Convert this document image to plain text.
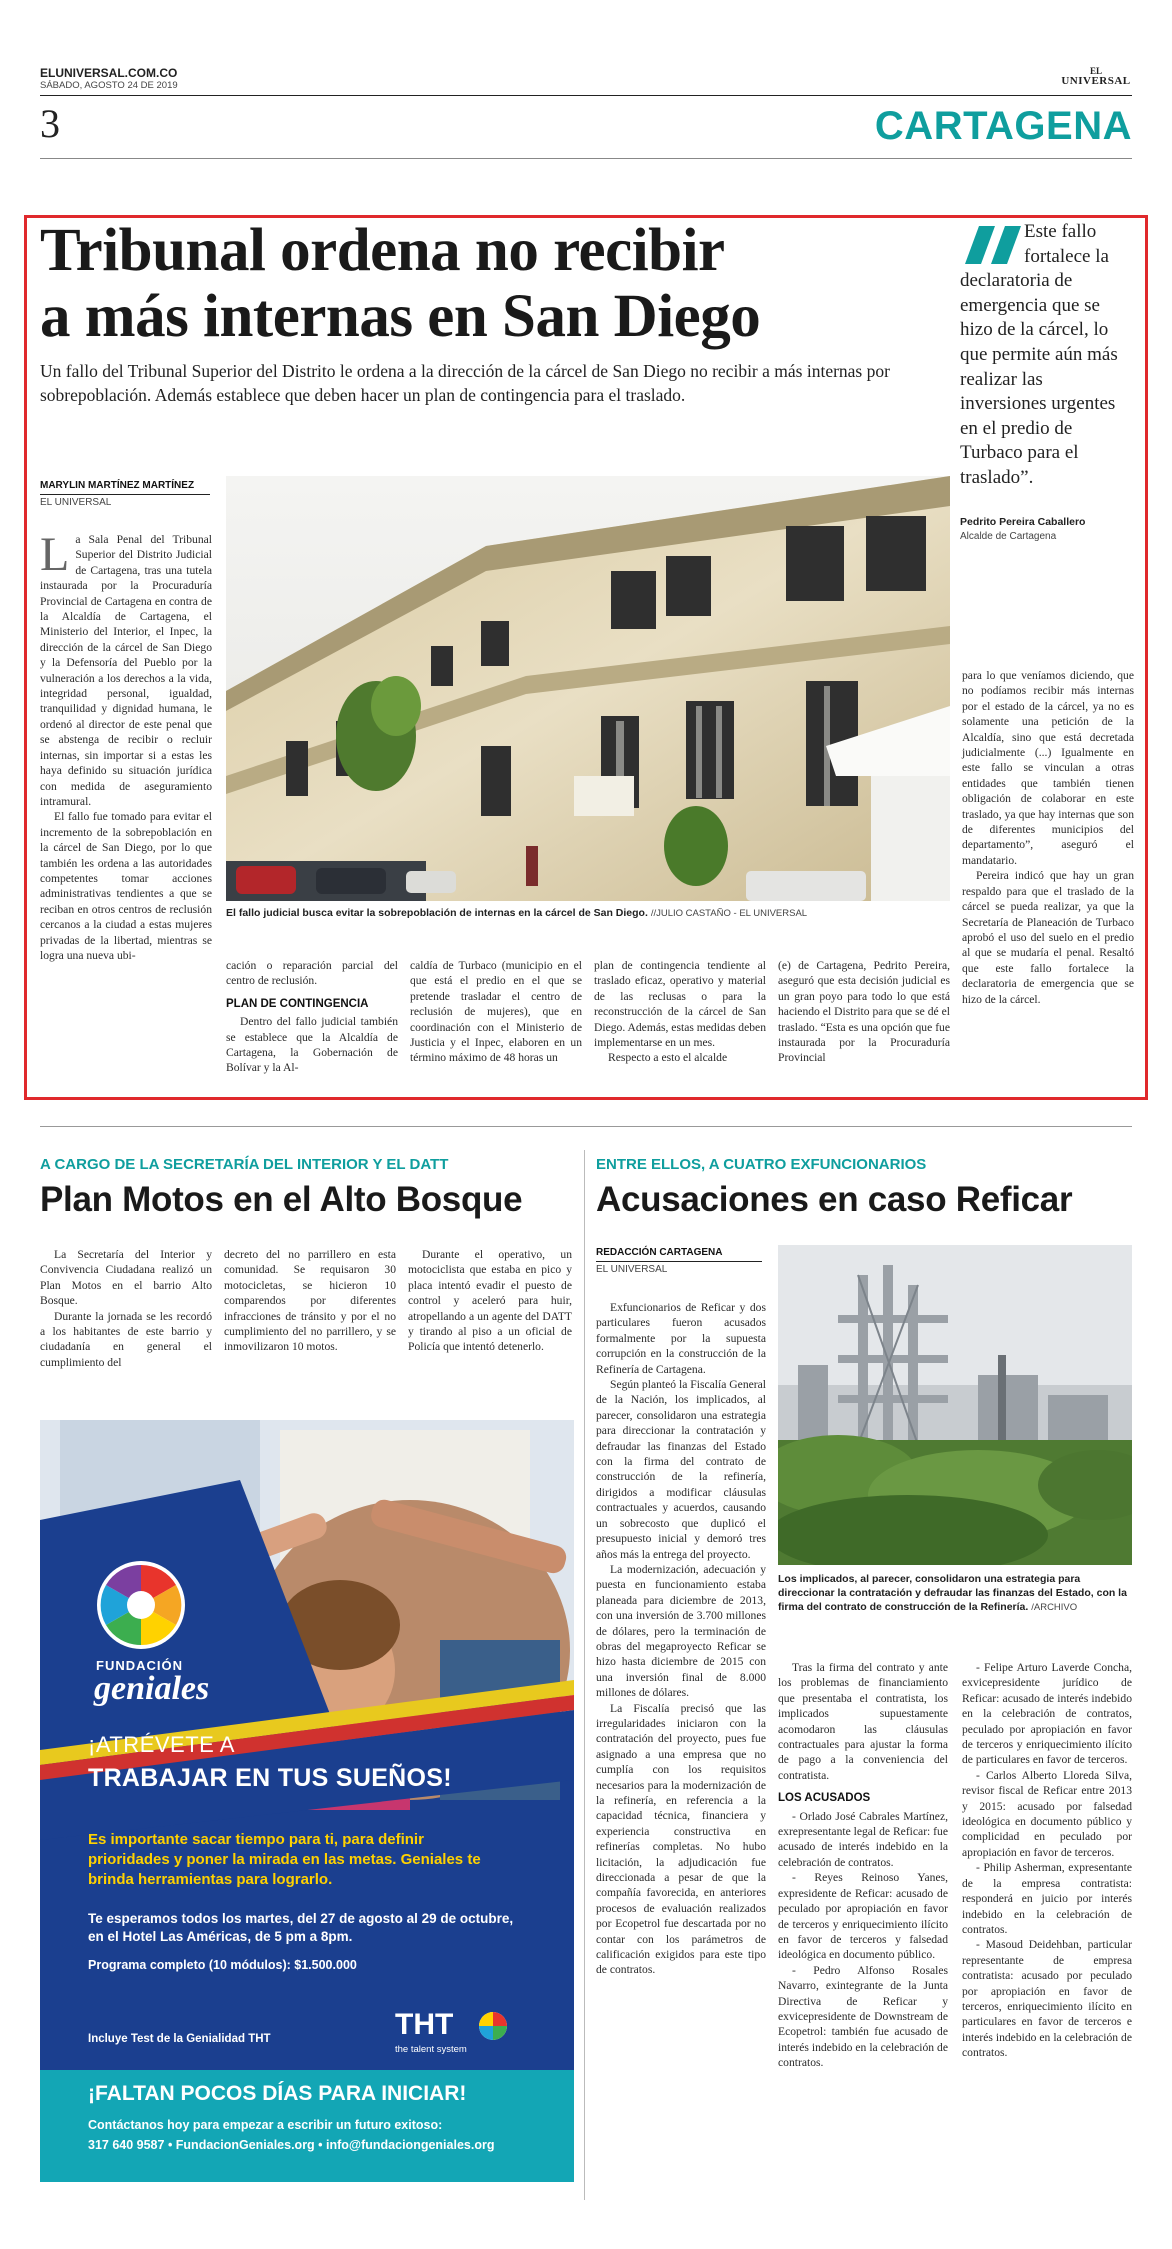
ELUNIVERSAL.COM.CO
SÁBADO, AGOSTO 24 DE 2019
EL
UNIVERSAL
3	CARTAGENA
Tribunal ordena no recibir
a más internas en San Diego
Un fallo del Tribunal Superior del Distrito le ordena a la dirección de la cárcel de San Diego no recibir a más internas por sobrepoblación. Además establece que deben hacer un plan de contingencia para el traslado.
Este fallo fortalece la declaratoria de emergencia que se hizo de la cárcel, lo que permite aún más realizar las inversiones urgentes en el predio de Turbaco para el traslado”.
Pedrito Pereira Caballero
Alcalde de Cartagena
MARYLIN MARTÍNEZ MARTÍNEZ
EL UNIVERSAL
El fallo judicial busca evitar la sobrepoblación de internas en la cárcel de San Diego. //JULIO CASTAÑO - EL UNIVERSAL

La Sala Penal del Tribunal Superior del Distrito Judicial de Cartagena, tras una tutela instaurada por la Procuraduría Provincial de Cartagena en contra de la Alcaldía de Cartagena, el Ministerio del Interior, el Inpec, la dirección de la cárcel de San Diego y la Defensoría del Pueblo por la vulneración a los derechos a la vida, integridad personal, igualdad, tranquilidad y dignidad humana, le ordenó al director de este penal que se abstenga de recibir o recluir internas, sin importar si a estas les haya definido su situación jurídica con medida de aseguramiento intramural.

El fallo fue tomado para evitar el incremento de la sobrepoblación en la cárcel de San Diego, por lo que también les ordena a las autoridades competentes tomar acciones administrativas tendientes a que se reciban en otros centros de reclusión cercanos a la ciudad a estas mujeres privadas de la libertad, mientras se logra una nueva ubi-

cación o reparación parcial del centro de reclusión.

PLAN DE CONTINGENCIA

Dentro del fallo judicial también se establece que la Alcaldía de Cartagena, la Gobernación de Bolívar y la Al-

caldía de Turbaco (municipio en el que está el predio en el que se pretende trasladar el centro de reclusión de mujeres), que en coordinación con el Ministerio de Justicia y el Inpec, elaboren en un término máximo de 48 horas un

plan de contingencia tendiente al traslado eficaz, operativo y material de las reclusas o para la reconstrucción de la cárcel de San Diego. Además, estas medidas deben implementarse en un mes.

Respecto a esto el alcalde

(e) de Cartagena, Pedrito Pereira, aseguró que esta decisión judicial es un gran poyo para todo lo que está haciendo el Distrito para que se dé el traslado. “Esta es una opción que fue instaurada por la Procuraduría Provincial

para lo que veníamos diciendo, que no podíamos recibir más internas por el estado de la cárcel, ya no es solamente una petición de la Alcaldía, sino que está decretada judicialmente (...) Igualmente en este fallo se vinculan a otras entidades que también tienen obligación de colaborar en este traslado, ya que hay internas que son de diferentes municipios del departamento”, aseguró el mandatario.

Pereira indicó que hay un gran respaldo para que el traslado de la cárcel se pueda realizar, ya que la Secretaría de Planeación de Turbaco aprobó el uso del suelo en el predio al que se mudaría el penal. Resaltó que este fallo fortalece la declaratoria de emergencia que se hizo de la cárcel.

A CARGO DE LA SECRETARÍA DEL INTERIOR Y EL DATT
Plan Motos en el Alto Bosque

La Secretaría del Interior y Convivencia Ciudadana realizó un Plan Motos en el barrio Alto Bosque.

Durante la jornada se les recordó a los habitantes de este barrio y ciudadanía en general el cumplimiento del

decreto del no parrillero en esta comunidad. Se requisaron 30 motocicletas, se hicieron 10 comparendos por diferentes infracciones de tránsito y por el no cumplimiento del no parrillero, y se inmovilizaron 10 motos.

Durante el operativo, un motociclista que estaba en pico y placa intentó evadir el puesto de control y aceleró para huir, atropellando a un agente del DATT y tirando al piso a un oficial de Policía que intentó detenerlo.

FUNDACIÓN
geniales
¡ATRÉVETE A
TRABAJAR EN TUS SUEÑOS!
Es importante sacar tiempo para ti, para definir prioridades y poner la mirada en las metas. Geniales te brinda herramientas para lograrlo.
Te esperamos todos los martes, del 27 de agosto al 29 de octubre, en el Hotel Las Américas, de 5 pm a 8pm.
Programa completo (10 módulos): $1.500.000
THT
the talent system
Incluye Test de la Genialidad THT
¡FALTAN POCOS DÍAS PARA INICIAR!
Contáctanos hoy para empezar a escribir un futuro exitoso:
317 640 9587 • FundacionGeniales.org • info@fundaciongeniales.org
ENTRE ELLOS, A CUATRO EXFUNCIONARIOS
Acusaciones en caso Reficar
REDACCIÓN CARTAGENA
EL UNIVERSAL
Los implicados, al parecer, consolidaron una estrategia para direccionar la contratación y defraudar las finanzas del Estado, con la firma del contrato de construcción de la Refinería. /ARCHIVO

Exfuncionarios de Reficar y dos particulares fueron acusados formalmente por la supuesta corrupción en la construcción de la Refinería de Cartagena.

Según planteó la Fiscalía General de la Nación, los implicados, al parecer, consolidaron una estrategia para direccionar la contratación y defraudar las finanzas del Estado con la firma del contrato de construcción de la refinería, dirigidos a modificar cláusulas contractuales y acuerdos, causando un sobrecosto que duplicó el presupuesto inicial y demoró tres años más la entrega del proyecto.

La modernización, adecuación y puesta en funcionamiento estaba planeada para diciembre de 2013, con una inversión de 3.700 millones de dólares, pero la terminación de obras del megaproyecto Reficar se hizo hasta diciembre de 2015 con una inversión final de 8.000 millones de dólares.

La Fiscalía precisó que las irregularidades iniciaron con la contratación del proyecto, pues fue asignado a una empresa que no cumplía con los requisitos necesarios para la modernización de la refinería, en referencia a la capacidad técnica, financiera y experiencia constructiva en refinerías completas. No hubo licitación, la adjudicación fue direccionada a pesar de que la compañía favorecida, en anteriores procesos de evaluación realizados por Ecopetrol fue descartada por no contar con los parámetros de calificación exigidos para este tipo de contratos.

Tras la firma del contrato y ante los problemas de financiamiento que presentaba el contratista, los implicados supuestamente acomodaron las cláusulas contractuales para ajustar la forma de pago a la conveniencia del contratista.

LOS ACUSADOS

- Orlado José Cabrales Martínez, exrepresentante legal de Reficar: fue acusado de interés indebido en la celebración de contratos.

- Reyes Reinoso Yanes, expresidente de Reficar: acusado de peculado por apropiación en favor de terceros y enriquecimiento ilícito en favor de terceros y falsedad ideológica en documento público.

- Pedro Alfonso Rosales Navarro, exintegrante de la Junta Directiva de Reficar y exvicepresidente de Downstream de Ecopetrol: también fue acusado de interés indebido en la celebración de contratos.

- Felipe Arturo Laverde Concha, exvicepresidente jurídico de Reficar: acusado de interés indebido en la celebración de contratos, peculado por apropiación en favor de terceros y enriquecimiento ilícito de particulares en favor de terceros.

- Carlos Alberto Lloreda Silva, revisor fiscal de Reficar entre 2013 y 2015: acusado por falsedad ideológica en documento público y complicidad en peculado por apropiación en favor de terceros.

- Philip Asherman, expresentante de la empresa contratista: responderá en juicio por interés indebido en la celebración de contratos.

- Masoud Deidehban, particular representante de empresa contratista: acusado por peculado por apropiación en favor de terceros, enriquecimiento ilícito en particulares en favor de terceros e interés indebido en la celebración de contratos.
